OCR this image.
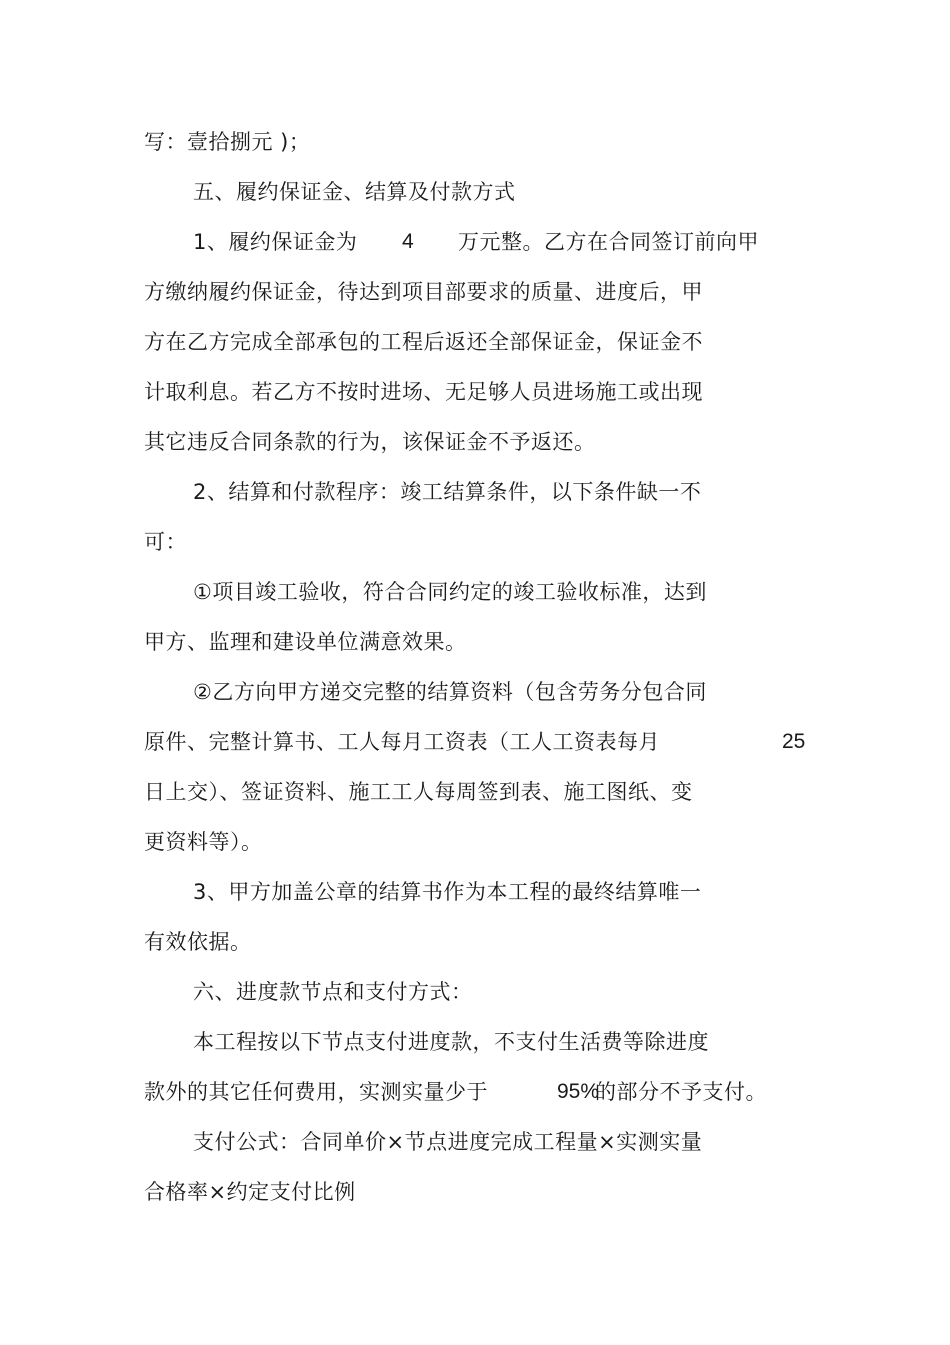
写：壹拾捌元 )；
五、履约保证金、结算及付款方式
1、履约保证金为 4 万元整。乙方在合同签订前向甲
方缴纳履约保证金，待达到项目部要求的质量、进度后，甲
方在乙方完成全部承包的工程后返还全部保证金，保证金不
计取利息。若乙方不按时进场、无足够人员进场施工或出现
其它违反合同条款的行为，该保证金不予返还。
2、结算和付款程序：竣工结算条件，以下条件缺一不
可：
①项目竣工验收，符合合同约定的竣工验收标准，达到
甲方、监理和建设单位满意效果。
②乙方向甲方递交完整的结算资料（包含劳务分包合同
原件、完整计算书、工人每月工资表（工人工资表每月	25
日上交）、签证资料、施工工人每周签到表、施工图纸、变
更资料等）。
3、甲方加盖公章的结算书作为本工程的最终结算唯一
有效依据。
六、进度款节点和支付方式：
本工程按以下节点支付进度款，不支付生活费等除进度
款外的其它任何费用，实测实量少于	95%
的部分不予支付。
支付公式：合同单价×节点进度完成工程量×实测实量
合格率×约定支付比例
